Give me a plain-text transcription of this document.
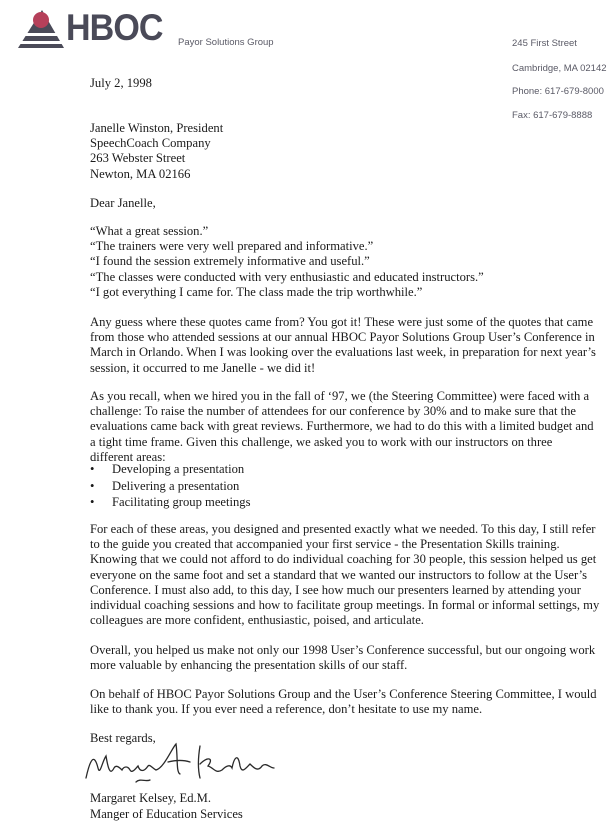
HBOC Payor Solutions Group	245 First Street
Cambridge, MA 02142
Phone: 617-679-8000
Fax: 617-679-8888
July 2, 1998
Janelle Winston, President
SpeechCoach Company
263 Webster Street
Newton, MA 02166
Dear Janelle,
“What a great session.”
“The trainers were very well prepared and informative.”
“I found the session extremely informative and useful.”
“The classes were conducted with very enthusiastic and educated instructors.”
“I got everything I came for. The class made the trip worthwhile.”
Any guess where these quotes came from? You got it! These were just some of the quotes that came
from those who attended sessions at our annual HBOC Payor Solutions Group User’s Conference in
March in Orlando. When I was looking over the evaluations last week, in preparation for next year’s
session, it occurred to me Janelle - we did it!
As you recall, when we hired you in the fall of ‘97, we (the Steering Committee) were faced with a
challenge: To raise the number of attendees for our conference by 30% and to make sure that the
evaluations came back with great reviews. Furthermore, we had to do this with a limited budget and
a tight time frame. Given this challenge, we asked you to work with our instructors on three
different areas:
• Developing a presentation
• Delivering a presentation
• Facilitating group meetings
For each of these areas, you designed and presented exactly what we needed. To this day, I still refer
to the guide you created that accompanied your first service - the Presentation Skills training.
Knowing that we could not afford to do individual coaching for 30 people, this session helped us get
everyone on the same foot and set a standard that we wanted our instructors to follow at the User’s
Conference. I must also add, to this day, I see how much our presenters learned by attending your
individual coaching sessions and how to facilitate group meetings. In formal or informal settings, my
colleagues are more confident, enthusiastic, poised, and articulate.
Overall, you helped us make not only our 1998 User’s Conference successful, but our ongoing work
more valuable by enhancing the presentation skills of our staff.
On behalf of HBOC Payor Solutions Group and the User’s Conference Steering Committee, I would
like to thank you. If you ever need a reference, don’t hesitate to use my name.
Best regards,
Margaret Kelsey, Ed.M.
Manger of Education Services
